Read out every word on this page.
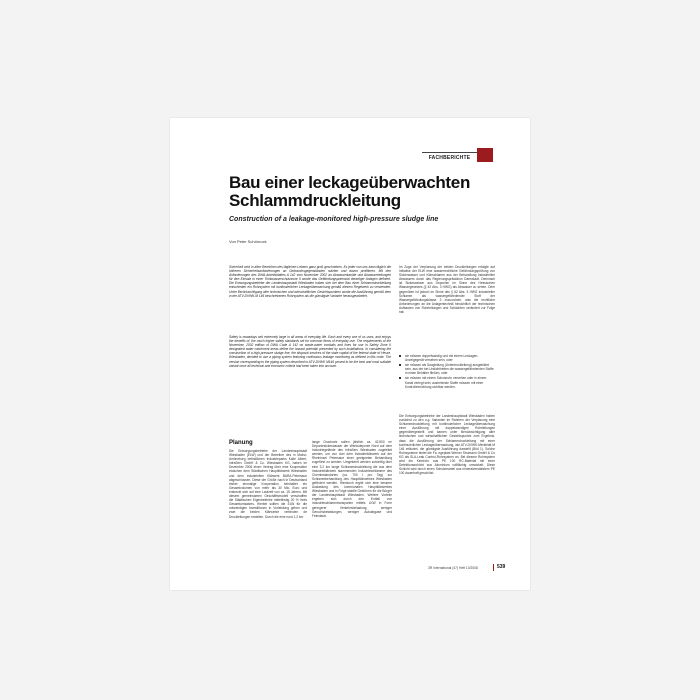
FACHBERICHTE
Bau einer leckageüberwachten Schlammdruckleitung
Construction of a leakage-monitored high-pressure sludge line
Von Peter Schönrock

Sicherheit wird in allen Bereichen des täglichen Lebens ganz groß geschrieben. Es jeder von uns kann täglich die höheren Sicherheitsanforderungen an Gebrauchsgegenständen nutzten und davon profitieren. Mit den Anforderungen des DWA-Arbeitsblattes A 142 vom November 2002 an Abwasserkanäle und Abwasserleitungen für den Einsatz in einer Trinkwasserschutzzone II wurde das Gefährdungspotenzial derartiger Anlagen definiert. Die Entsorgungsbetriebe der Landeshauptstadt Wiesbaden haben sich bei dem Bau einer Schlammdruckleitung entschieden ein Rohrsystem mit kontinuierlicher Leckageüberwachung gemäß diesem Regelwerk zu verwenden. Unter Berücksichtigung aller technischen und wirtschaftlichen Gesichtspunkten wurde die Ausführung gemäß dem in der ATV-DVWK-M 146 beschriebenen Rohrsystem als die günstigste Variante herausgearbeitet.

Safety is nowadays writ extremely large in all areas of everyday life. Each and every one of us uses, and enjoys the benefits of, the much higher safety standards set for common items of everyday use. The requirements of the November, 2002 edition of DWA Code A 142 on waste-water conduits and lines for use in Safety Zone II designated water catchment areas define the hazard potential presented by such installations. In considering the construction of a high-pressure sludge line, the disposal services of the state capital of the federal state of Hesse, Wiesbaden, decided to use a piping system featuring continuous leakage monitoring as defined in this code. The version corresponding to the piping system described in ATV-DVWK M146 proved to be the best and most suitable variant once all technical and economic criteria had been taken into account.

Im Zuge der Verplanung der beiden Druckleitungen erfolgte auf Initiative der ELW eine wasserrechtliche Gefährdungsprüfung von Sickerwasser und Klärschlamm aus der Behandlung industriellen Abwassers durch das Regierungspräsidium Darmstadt. Demnach ist Sickerwasser aus Deponien im Sinne des Hessischen Wassergesetzes (§ 42 Abs. 3 HWG) als Abwasser zu sehen. Dem gegenüber ist jedoch im Sinne des § 62 Abs. 3 HWG industrieller Schlamm als wassergefährdender Stoff der Wassergefährdungsklasse 3 zuzuordnen, was die rechtliche Anforderungen an die Anlagentechnik hinsichtlich der technischen Aufbauten von Rohrleitungen und Schächten verändert zur Folge hat:

sie müssen doppelwandig und mit einem Leckagen-Anzeigegerät versehen sein, oder
sie müssen als Saugleitung (Unterdruckleitung) ausgebildet sein, aus der bei Undichtheiten die wassergefährdenden Stoffe in einen Behälter fließen, oder
sie müssen mit einem Schutzrohr versehen oder in einem Kanal verlegt sein; austretende Stoffe müssen mit einer Kontrolleinrichtung sichtbar werden.

Die Entsorgungsbetriebe der Landeshauptstadt Wiesbaden haben zunächst zu den o.g. Varianten im Rahmen der Verplanung eine Schlammdruckleitung mit kontinuierlicher Leckageüberwachung einer Ausführung mit doppelwandigen Rohrleitungen gegenübergestellt und kamen unter Berücksichtigung aller technischen und wirtschaftlichen Gesichtspunkte zum Ergebnis, dass die Ausführung der Schlammdruckleitung mit einer kontinuierlichen Leckageüberwachung, wie ATV-DVWK-Merkblatt M 146 erläutert, die günstigste Ausführung darstellt (Bild 1). Solche Rohrsysteme bietet die Fa. egeplast Werner Strumann GmbH & Co KG als SLA-Leak Control-Rohrsystem an. Bei diesem Rohrsystem wird ein Kernrohr aus PE 100 RC-Material mit einer Detektionsschicht aus Aluminium vollflächig umwickelt. Diese Schicht wird durch einen Schutzmantel aus mineralverstärktem PE 100 dauerhaft geschützt.

Planung

Die Entsorgungsbetriebe der Landeshauptstadt Wiesbaden (ELW) und der Betreiber des in Mainz-Amöneburg befindlichen Industrieparks Kalle Albert, InfraServ GmbH & Co. Wiesbaden KG, haben im Dezember 2006 einen Vertrag über eine Kooperation zwischen dem Städtischen Hauptklärwerk Wiesbaden und dem industriellen Klärwerk BARA-Petersaue abgeschlossen. Diese der Größe nach in Deutschland bisher einmalige Kooperation beinhaltet ein Gesamtvolumen von mehr als 30 Mio. Euro und erstreckt sich auf eine Laufzeit von ca. 15 Jahren. Mit diesem gemeinsamen Geschäftsmodell verschaffen die Städtischen Eigenbetriebe mittelfristig 20 % ihres Gesamtumsatzes. Hierbei sollten die ELW für die notwendigen Investitionen in Vorleistung gehen und zwei die beiden Klärwerke verbinden de Druckleitungen erstellen. Durch die eine rund 1,2 km

lange Druckrohr sollen jährlich ca. 42.800 m³ Deponiesickerwasser der Werksdeponie Nord auf dem Industriegelände des InfraServ Wiesbaden zugeleitet werden, um von dort dem Industrieklärwerk auf der Rheininsel Petersaue einer geeigneten Behandlung zugeführt zu werden. Umgekehrt werden zukünftig über eine 3,2 km lange Schlammdruckleitung die aus dem Industrieklärwerk stammenden Industrieschlämme des Chemiestandortes (ca. 700 t pro Tag) zur Schlammbehandlung des Hauptklärwerkes Wiesbaden gefördert werden. Hierdurch ergibt sich eine bessere Auslastung des kommunalen Hauptklärwerkes Wiesbaden und in Folge stabile Gebühren für die Bürger der Landeshauptstadt Wiesbaden. Weitere Vorteile ergeben sich durch den Entfall von Industrieschlammtransporten mittels LKW in Form geringerer Verkehrsbelastung, weniger Geruchsbelastungen, weniger Autoabgase und Feinstaub.

3R International (47) Heft 10/2008	539
